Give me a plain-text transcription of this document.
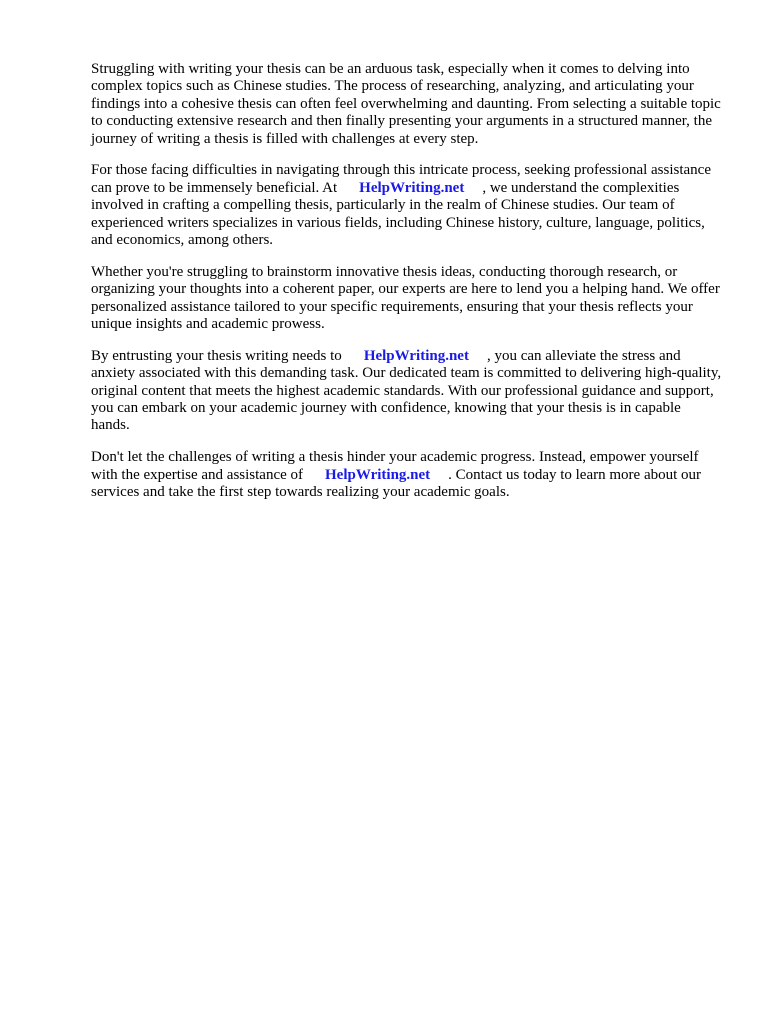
Struggling with writing your thesis can be an arduous task, especially when it comes to delving into complex topics such as Chinese studies. The process of researching, analyzing, and articulating your findings into a cohesive thesis can often feel overwhelming and daunting. From selecting a suitable topic to conducting extensive research and then finally presenting your arguments in a structured manner, the journey of writing a thesis is filled with challenges at every step.

For those facing difficulties in navigating through this intricate process, seeking professional assistance can prove to be immensely beneficial. At HelpWriting.net , we understand the complexities involved in crafting a compelling thesis, particularly in the realm of Chinese studies. Our team of experienced writers specializes in various fields, including Chinese history, culture, language, politics, and economics, among others.

Whether you're struggling to brainstorm innovative thesis ideas, conducting thorough research, or organizing your thoughts into a coherent paper, our experts are here to lend you a helping hand. We offer personalized assistance tailored to your specific requirements, ensuring that your thesis reflects your unique insights and academic prowess.

By entrusting your thesis writing needs to HelpWriting.net , you can alleviate the stress and anxiety associated with this demanding task. Our dedicated team is committed to delivering high-quality, original content that meets the highest academic standards. With our professional guidance and support, you can embark on your academic journey with confidence, knowing that your thesis is in capable hands.

Don't let the challenges of writing a thesis hinder your academic progress. Instead, empower yourself with the expertise and assistance of HelpWriting.net . Contact us today to learn more about our services and take the first step towards realizing your academic goals.
